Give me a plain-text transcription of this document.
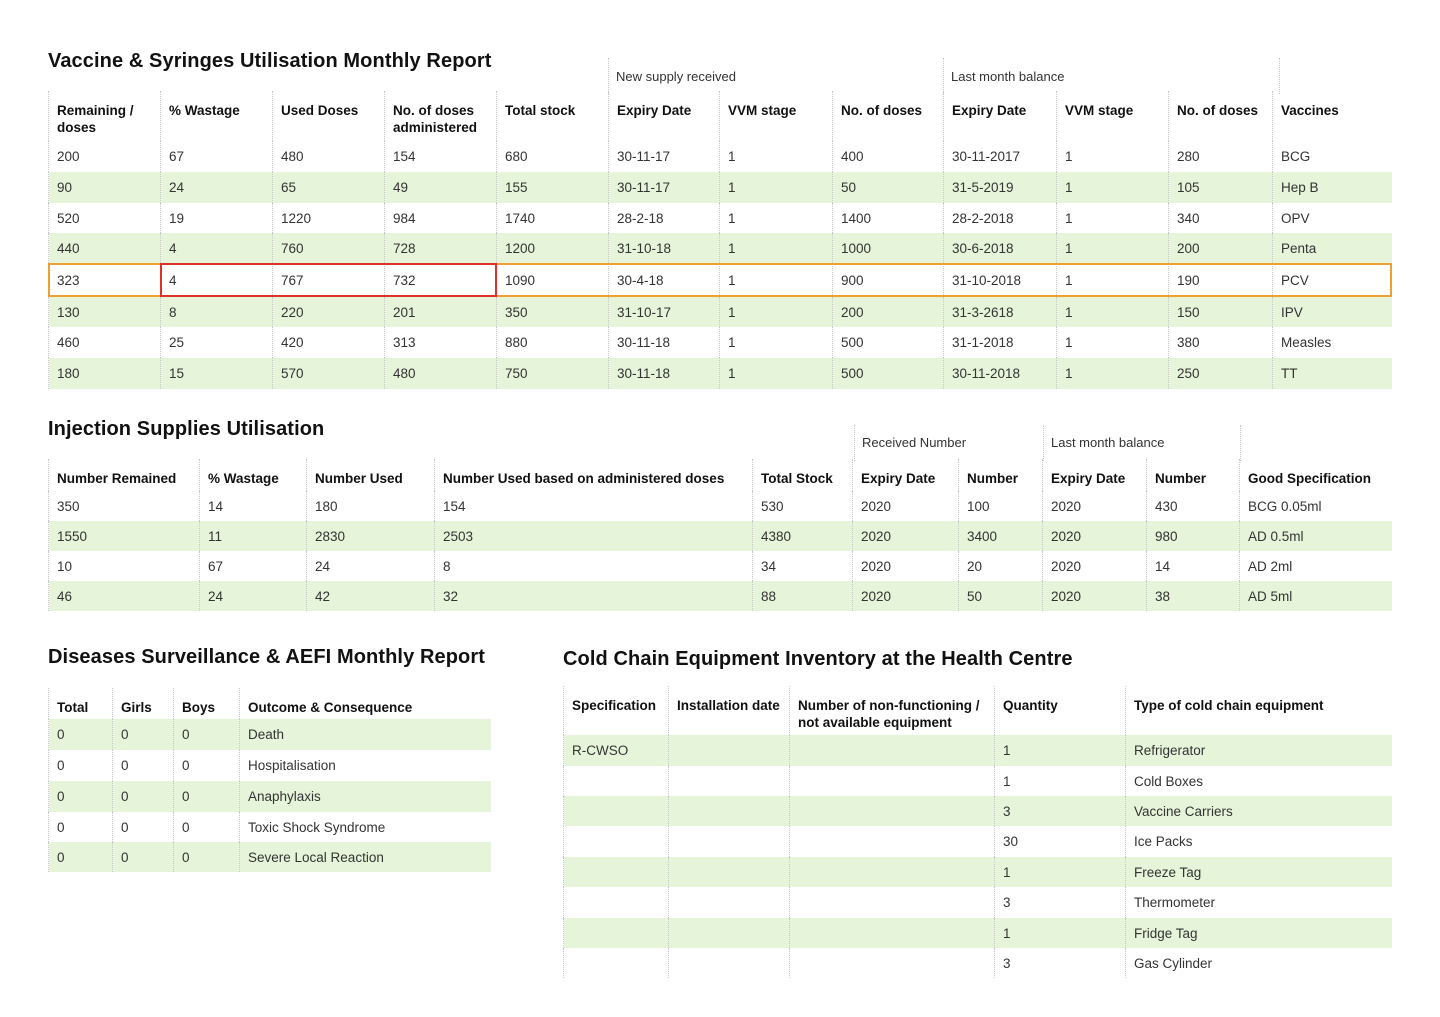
Vaccine & Syringes Utilisation Monthly Report
New supply received	Last month balance
Remaining / doses	% Wastage	Used Doses	No. of doses administered	Total stock	Expiry Date	VVM stage	No. of doses	Expiry Date	VVM stage	No. of doses	Vaccines
200	67	480	154	680	30-11-17	1	400	30-11-2017	1	280	BCG
90	24	65	49	155	30-11-17	1	50	31-5-2019	1	105	Hep B
520	19	1220	984	1740	28-2-18	1	1400	28-2-2018	1	340	OPV
440	4	760	728	1200	31-10-18	1	1000	30-6-2018	1	200	Penta
323	4	767	732	1090	30-4-18	1	900	31-10-2018	1	190	PCV
130	8	220	201	350	31-10-17	1	200	31-3-2618	1	150	IPV
460	25	420	313	880	30-11-18	1	500	31-1-2018	1	380	Measles
180	15	570	480	750	30-11-18	1	500	30-11-2018	1	250	TT
Injection Supplies Utilisation
Received Number	Last month balance
Number Remained	% Wastage	Number Used	Number Used based on administered doses	Total Stock	Expiry Date	Number	Expiry Date	Number	Good Specification
350	14	180	154	530	2020	100	2020	430	BCG 0.05ml
1550	11	2830	2503	4380	2020	3400	2020	980	AD 0.5ml
10	67	24	8	34	2020	20	2020	14	AD 2ml
46	24	42	32	88	2020	50	2020	38	AD 5ml
Diseases Surveillance & AEFI Monthly Report
Total	Girls	Boys	Outcome & Consequence
0	0	0	Death
0	0	0	Hospitalisation
0	0	0	Anaphylaxis
0	0	0	Toxic Shock Syndrome
0	0	0	Severe Local Reaction
Cold Chain Equipment Inventory at the Health Centre
Specification	Installation date	Number of non-functioning / not available equipment	Quantity	Type of cold chain equipment
R-CWSO			1	Refrigerator
			1	Cold Boxes
			3	Vaccine Carriers
			30	Ice Packs
			1	Freeze Tag
			3	Thermometer
			1	Fridge Tag
			3	Gas Cylinder
